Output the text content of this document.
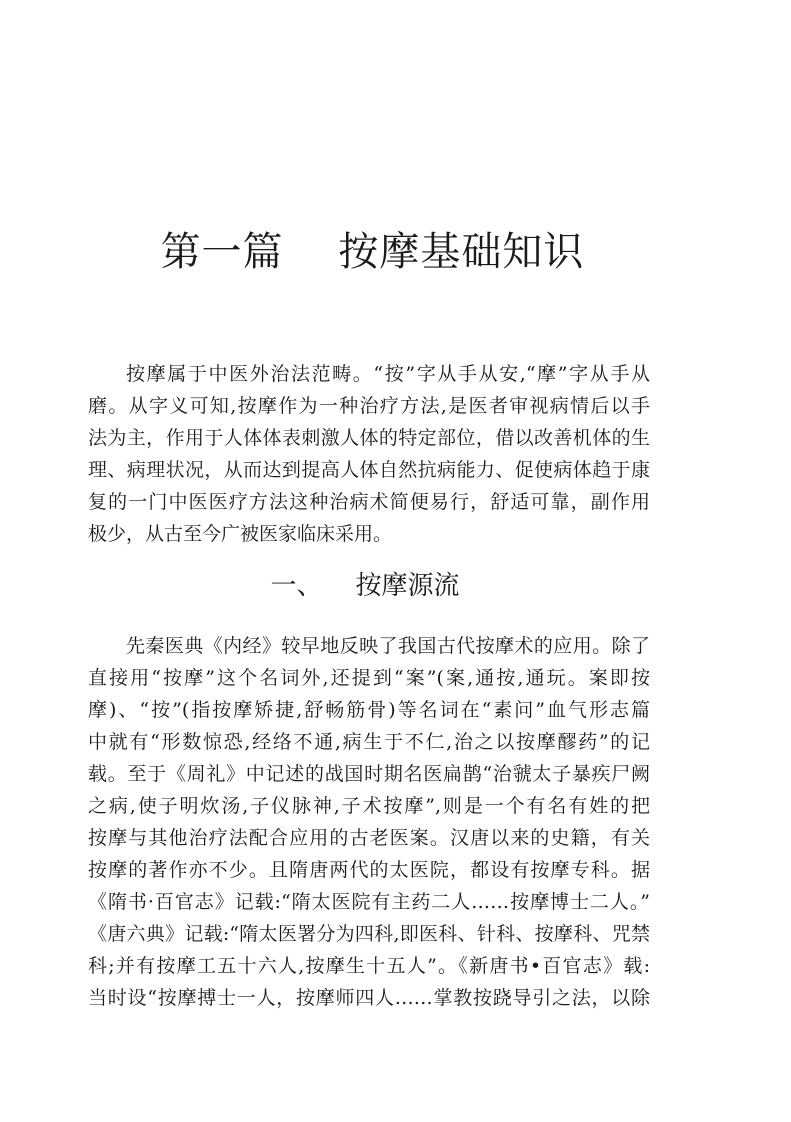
第一篇    按摩基础知识
按摩属于中医外治法范畴。“按”字从手从安,“摩”字从手从
磨。从字义可知,按摩作为一种治疗方法,是医者审视病情后以手
法为主，作用于人体体表刺激人体的特定部位，借以改善机体的生
理、病理状况，从而达到提高人体自然抗病能力、促使病体趋于康
复的一门中医医疗方法这种治病术简便易行，舒适可靠，副作用
极少，从古至今广被医家临床采用。
一、    按摩源流
先秦医典《内经》较早地反映了我国古代按摩术的应用。除了
直接用“按摩”这个名词外,还提到“案”(案,通按,通玩。案即按
摩)、“按”(指按摩矫捷,舒畅筋骨)等名词在“素问”血气形志篇
中就有“形数惊恐,经络不通,病生于不仁,治之以按摩醪药”的记
载。至于《周礼》中记述的战国时期名医扁鹊“治虢太子暴疾尸阙
之病,使子明炊汤,子仪脉神,子术按摩”,则是一个有名有姓的把
按摩与其他治疗法配合应用的古老医案。汉唐以来的史籍，有关
按摩的著作亦不少。且隋唐两代的太医院，都设有按摩专科。据
《隋书·百官志》记载:“隋太医院有主药二人……按摩博士二人。”
《唐六典》记载:“隋太医署分为四科,即医科、针科、按摩科、咒禁
科;并有按摩工五十六人,按摩生十五人”。《新唐书•百官志》载:
当时设“按摩搏士一人，按摩师四人……掌教按跷导引之法，以除
